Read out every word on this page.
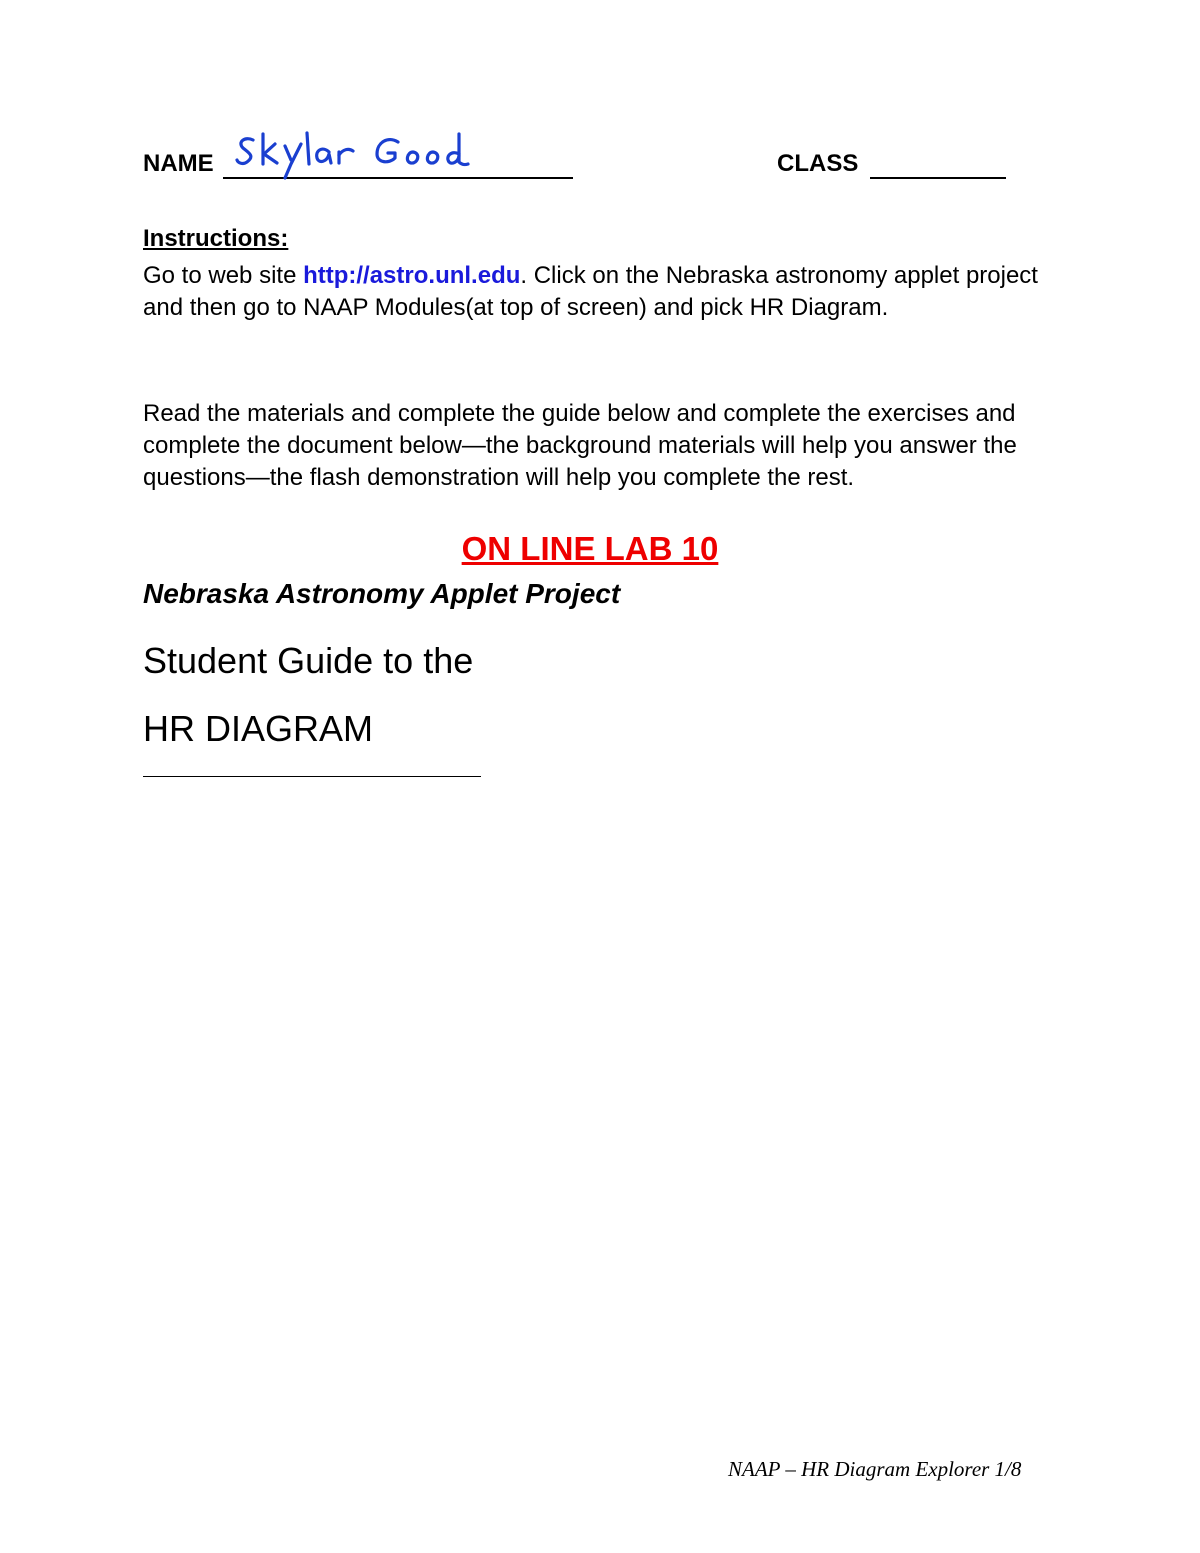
NAME	CLASS
Instructions:
Go to web site http://astro.unl.edu. Click on the Nebraska astronomy applet project and then go to NAAP Modules(at top of screen) and pick HR Diagram.
Read the materials and complete the guide below and complete the exercises and complete the document below—the background materials will help you answer the questions—the flash demonstration will help you complete the rest.
ON LINE LAB 10
Nebraska Astronomy Applet Project
Student Guide to the
HR DIAGRAM
NAAP – HR Diagram Explorer 1/8
